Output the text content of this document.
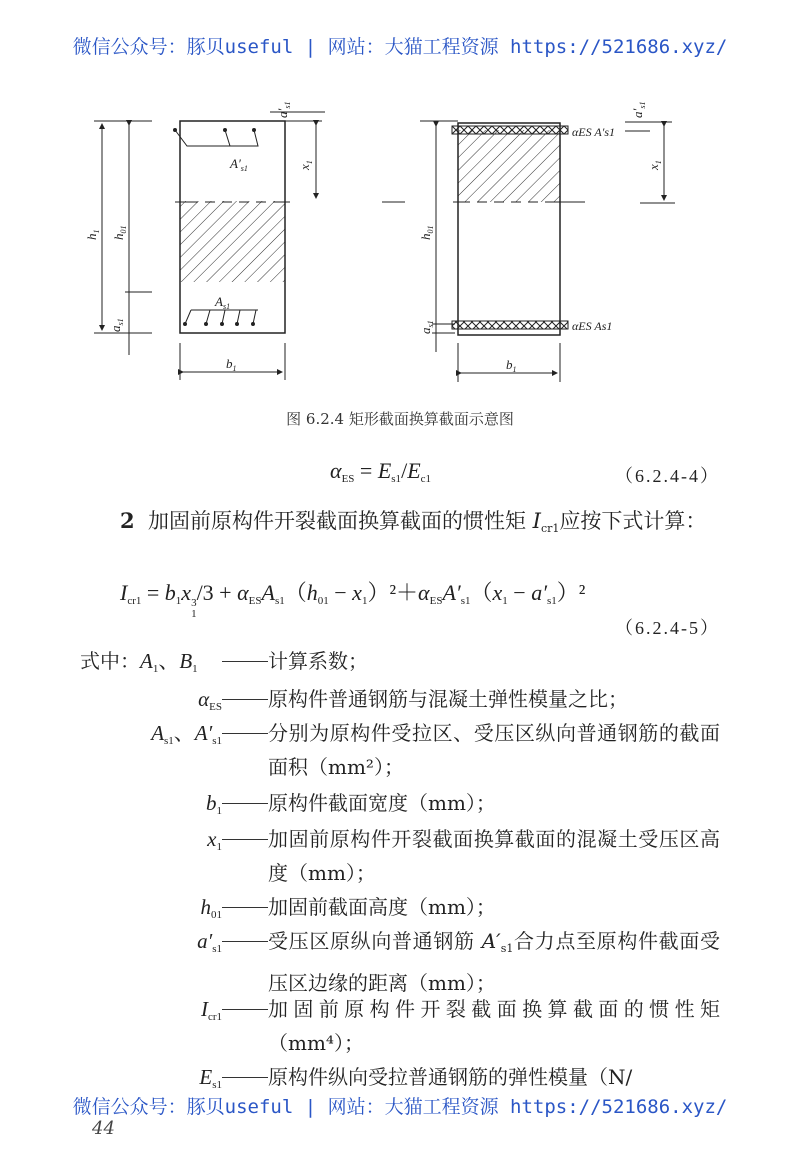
微信公众号：豚贝useful | 网站：大猫工程资源 https://521686.xyz/
$h_1$
$h_{01}$
$a_{s1}$
$a'_{s1}$
$x_1$
$A'_{s1}$
$A_{s1}$
$b_1$
αES A′s1
αES As1
$h_{01}$
$a_{s1}$
$a'_{s1}$
$x_1$
$b_1$
图 6.2.4 矩形截面换算截面示意图
$\alpha_{ES} = E_{s1}/E_{c1}$	（6.2.4-4）
2 加固前原构件开裂截面换算截面的惯性矩 $I_{cr1}$应按下式计算：
$I_{cr1} = b_1x$ 3
1
$/3 + \alpha_{ES}A_{s1}(h_{01} - x_1)^2+\alpha_{ES}A'_{s1}(x_1 - a'_{s1})^2$
（6.2.4-5）
式中： $A_1$、$B_1$	计算系数；
$\alpha_{ES}$ 原构件普通钢筋与混凝土弹性模量之比；
$A_{s1}$、$A'_{s1}$ 分别为原构件受拉区、受压区纵向普通钢筋的截面面积（mm²）；
$b_1$ 原构件截面宽度（mm）；
$x_1$ 加固前原构件开裂截面换算截面的混凝土受压区高度（mm）；
$h_{01}$ 加固前截面高度（mm）；
$a'_{s1}$ 受压区原纵向普通钢筋 $A'_{s1}$合力点至原构件截面受压区边缘的距离（mm）；
$I_{cr1}$ 加固前原构件开裂截面换算截面的惯性矩（mm⁴）；
$E_{s1}$ 原构件纵向受拉普通钢筋的弹性模量（N/
微信公众号：豚贝useful | 网站：大猫工程资源 https://521686.xyz/
44
